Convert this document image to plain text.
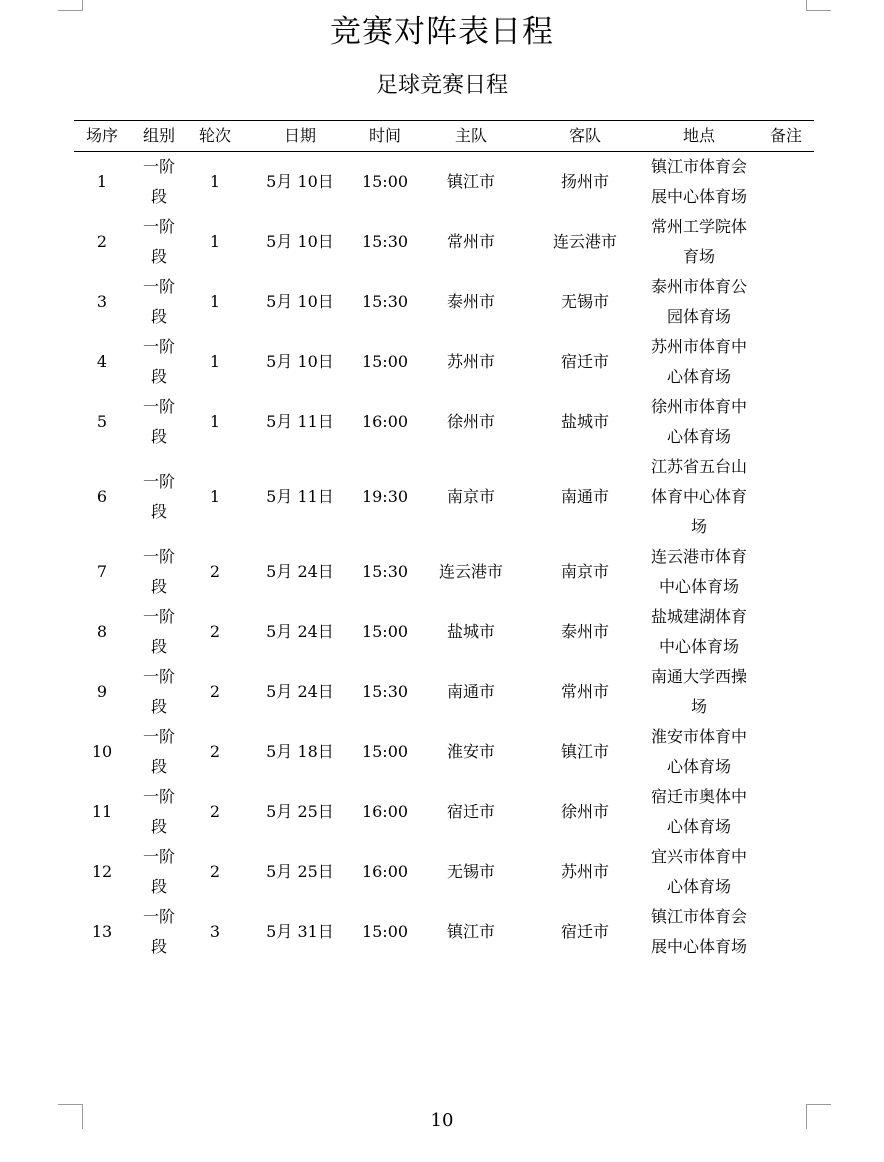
竞赛对阵表日程
足球竞赛日程
场序	组别	轮次	日期	时间	主队	客队	地点	备注
1	一阶段	1	5月 10日	15:00	镇江市	扬州市	镇江市体育会展中心体育场	
2	一阶段	1	5月 10日	15:30	常州市	连云港市	常州工学院体育场	
3	一阶段	1	5月 10日	15:30	泰州市	无锡市	泰州市体育公园体育场	
4	一阶段	1	5月 10日	15:00	苏州市	宿迁市	苏州市体育中心体育场	
5	一阶段	1	5月 11日	16:00	徐州市	盐城市	徐州市体育中心体育场	
6	一阶段	1	5月 11日	19:30	南京市	南通市	江苏省五台山体育中心体育场	
7	一阶段	2	5月 24日	15:30	连云港市	南京市	连云港市体育中心体育场	
8	一阶段	2	5月 24日	15:00	盐城市	泰州市	盐城建湖体育中心体育场	
9	一阶段	2	5月 24日	15:30	南通市	常州市	南通大学西操场	
10	一阶段	2	5月 18日	15:00	淮安市	镇江市	淮安市体育中心体育场	
11	一阶段	2	5月 25日	16:00	宿迁市	徐州市	宿迁市奥体中心体育场	
12	一阶段	2	5月 25日	16:00	无锡市	苏州市	宜兴市体育中心体育场	
13	一阶段	3	5月 31日	15:00	镇江市	宿迁市	镇江市体育会展中心体育场	
10
